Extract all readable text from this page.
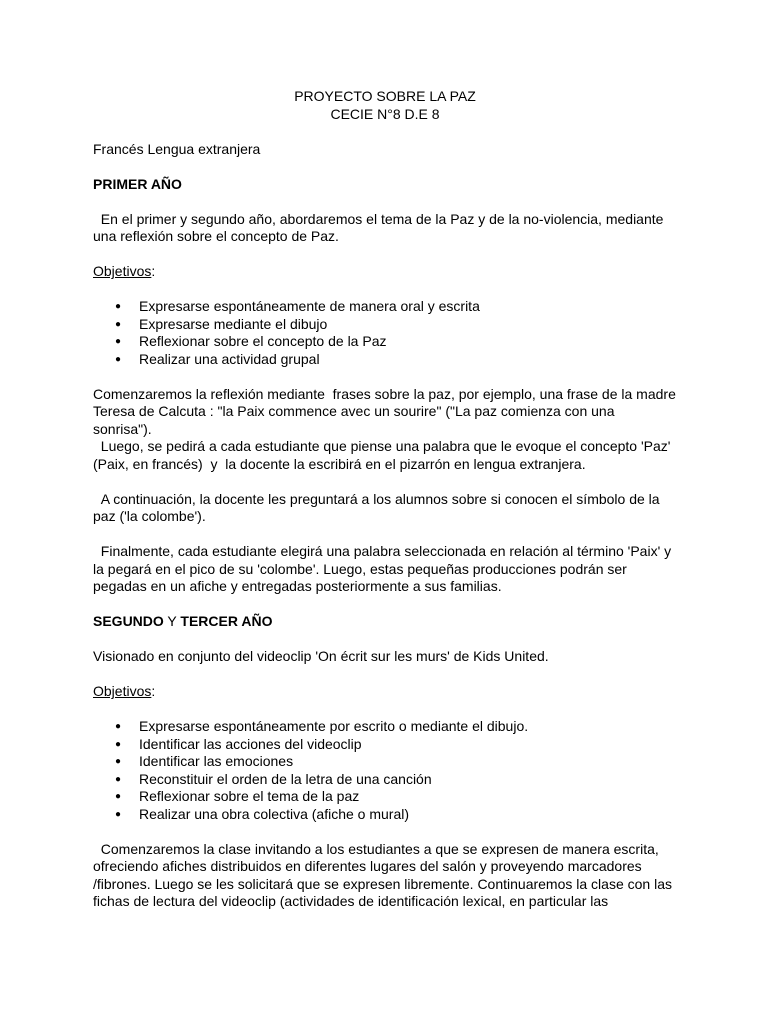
PROYECTO SOBRE LA PAZ

CECIE N°8 D.E 8

Francés Lengua extranjera

PRIMER AÑO

En el primer y segundo año, abordaremos el tema de la Paz y de la no-violencia, mediante una reflexión sobre el concepto de Paz.

Objetivos:

● Expresarse espontáneamente de manera oral y escrita
● Expresarse mediante el dibujo
● Reflexionar sobre el concepto de la Paz
● Realizar una actividad grupal

Comenzaremos la reflexión mediante  frases sobre la paz, por ejemplo, una frase de la madre Teresa de Calcuta : "la Paix commence avec un sourire" ("La paz comienza con una sonrisa").

Luego, se pedirá a cada estudiante que piense una palabra que le evoque el concepto 'Paz' (Paix, en francés)  y  la docente la escribirá en el pizarrón en lengua extranjera.

A continuación, la docente les preguntará a los alumnos sobre si conocen el símbolo de la paz ('la colombe').

Finalmente, cada estudiante elegirá una palabra seleccionada en relación al término 'Paix' y la pegará en el pico de su 'colombe'. Luego, estas pequeñas producciones podrán ser pegadas en un afiche y entregadas posteriormente a sus familias.

SEGUNDO Y TERCER AÑO

Visionado en conjunto del videoclip 'On écrit sur les murs' de Kids United.

Objetivos:

● Expresarse espontáneamente por escrito o mediante el dibujo.
● Identificar las acciones del videoclip
● Identificar las emociones
● Reconstituir el orden de la letra de una canción
● Reflexionar sobre el tema de la paz
● Realizar una obra colectiva (afiche o mural)

Comenzaremos la clase invitando a los estudiantes a que se expresen de manera escrita, ofreciendo afiches distribuidos en diferentes lugares del salón y proveyendo marcadores /fibrones. Luego se les solicitará que se expresen libremente. Continuaremos la clase con las fichas de lectura del videoclip (actividades de identificación lexical, en particular las
